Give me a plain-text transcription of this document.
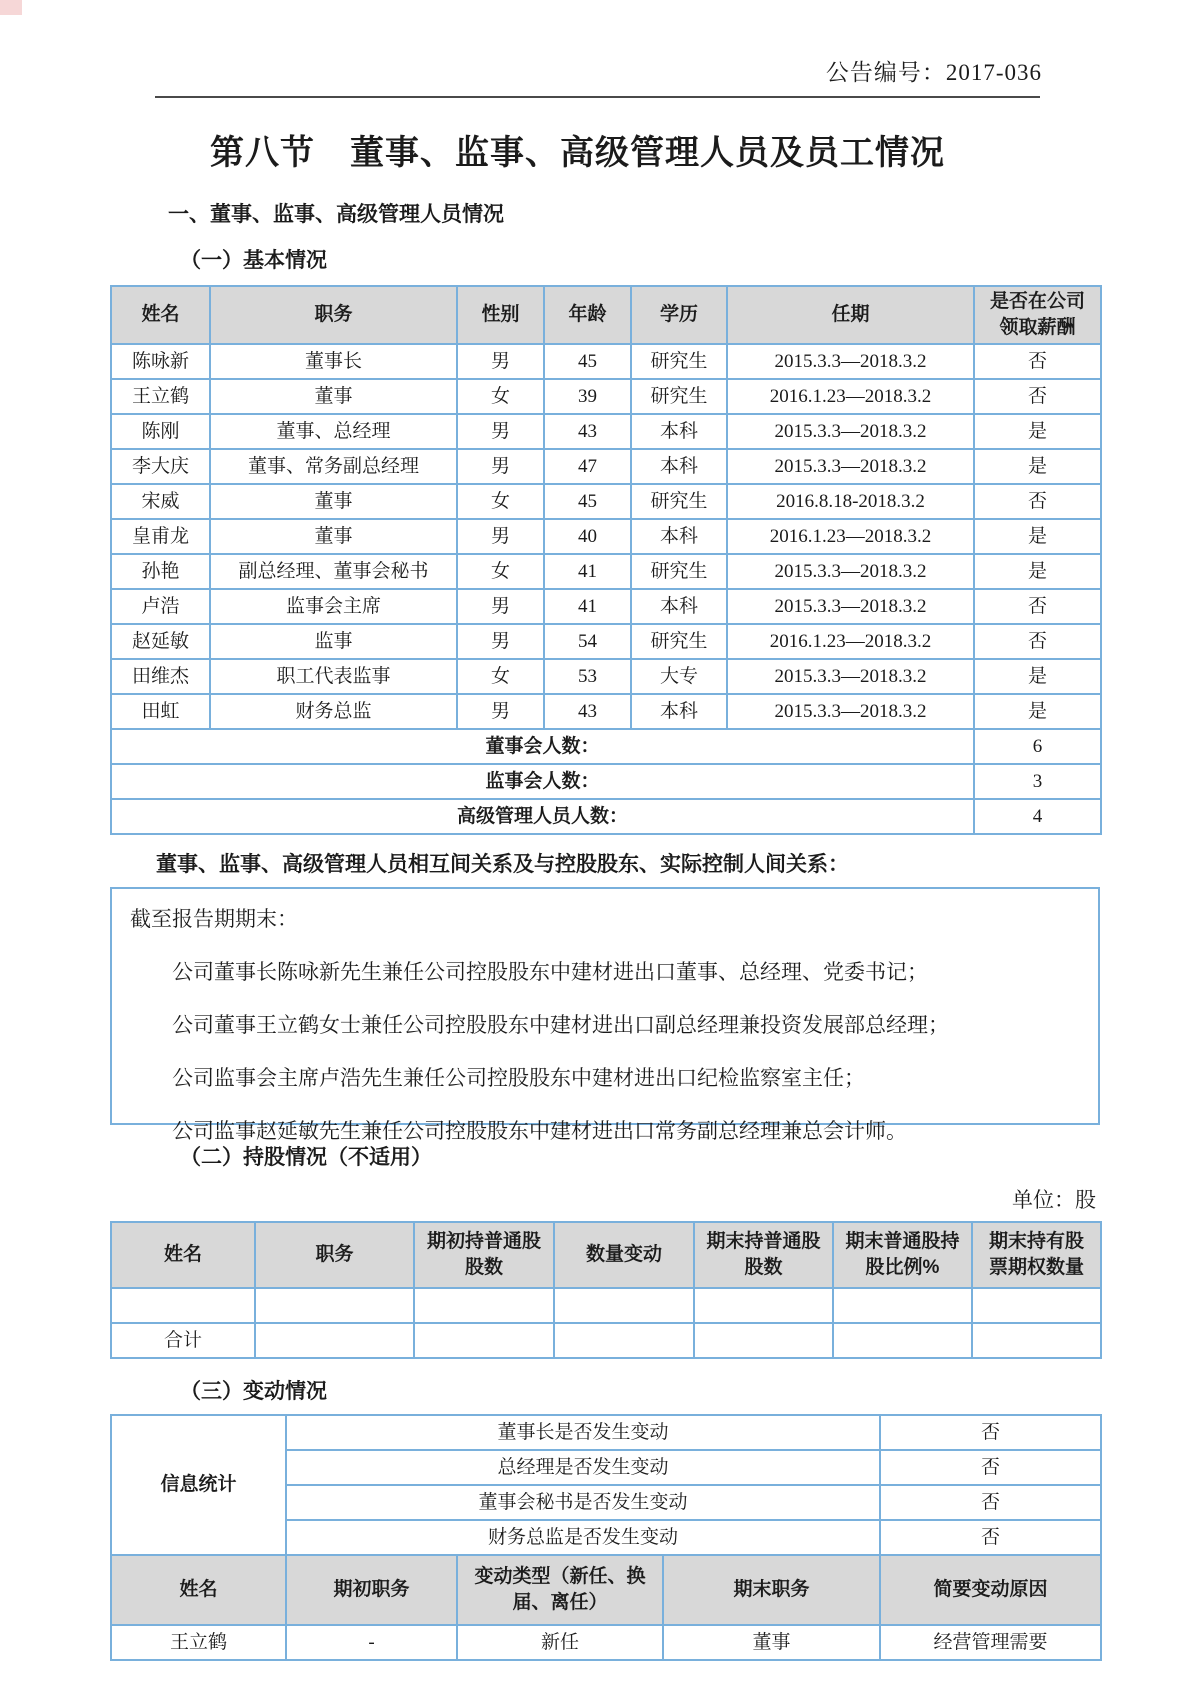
公告编号：2017-036
第八节　董事、监事、高级管理人员及员工情况
一、董事、监事、高级管理人员情况
（一）基本情况
姓名	职务	性别	年龄	学历	任期	是否在公司领取薪酬
陈咏新	董事长	男	45	研究生	2015.3.3—2018.3.2	否
王立鹤	董事	女	39	研究生	2016.1.23—2018.3.2	否
陈刚	董事、总经理	男	43	本科	2015.3.3—2018.3.2	是
李大庆	董事、常务副总经理	男	47	本科	2015.3.3—2018.3.2	是
宋威	董事	女	45	研究生	2016.8.18-2018.3.2	否
皇甫龙	董事	男	40	本科	2016.1.23—2018.3.2	是
孙艳	副总经理、董事会秘书	女	41	研究生	2015.3.3—2018.3.2	是
卢浩	监事会主席	男	41	本科	2015.3.3—2018.3.2	否
赵延敏	监事	男	54	研究生	2016.1.23—2018.3.2	否
田维杰	职工代表监事	女	53	大专	2015.3.3—2018.3.2	是
田虹	财务总监	男	43	本科	2015.3.3—2018.3.2	是
董事会人数：						6
监事会人数：						3
高级管理人员人数：						4
董事、监事、高级管理人员相互间关系及与控股股东、实际控制人间关系：

截至报告期期末：

公司董事长陈咏新先生兼任公司控股股东中建材进出口董事、总经理、党委书记；

公司董事王立鹤女士兼任公司控股股东中建材进出口副总经理兼投资发展部总经理；

公司监事会主席卢浩先生兼任公司控股股东中建材进出口纪检监察室主任；

公司监事赵延敏先生兼任公司控股股东中建材进出口常务副总经理兼总会计师。

（二）持股情况（不适用）
单位：股
姓名	职务	期初持普通股股数	数量变动	期末持普通股股数	期末普通股持股比例%	期末持有股票期权数量

合计						
（三）变动情况
信息统计	董事长是否发生变动			否
	总经理是否发生变动			否
	董事会秘书是否发生变动			否
	财务总监是否发生变动			否
姓名	期初职务	变动类型（新任、换届、离任）	期末职务	简要变动原因
王立鹤	-	新任	董事	经营管理需要
